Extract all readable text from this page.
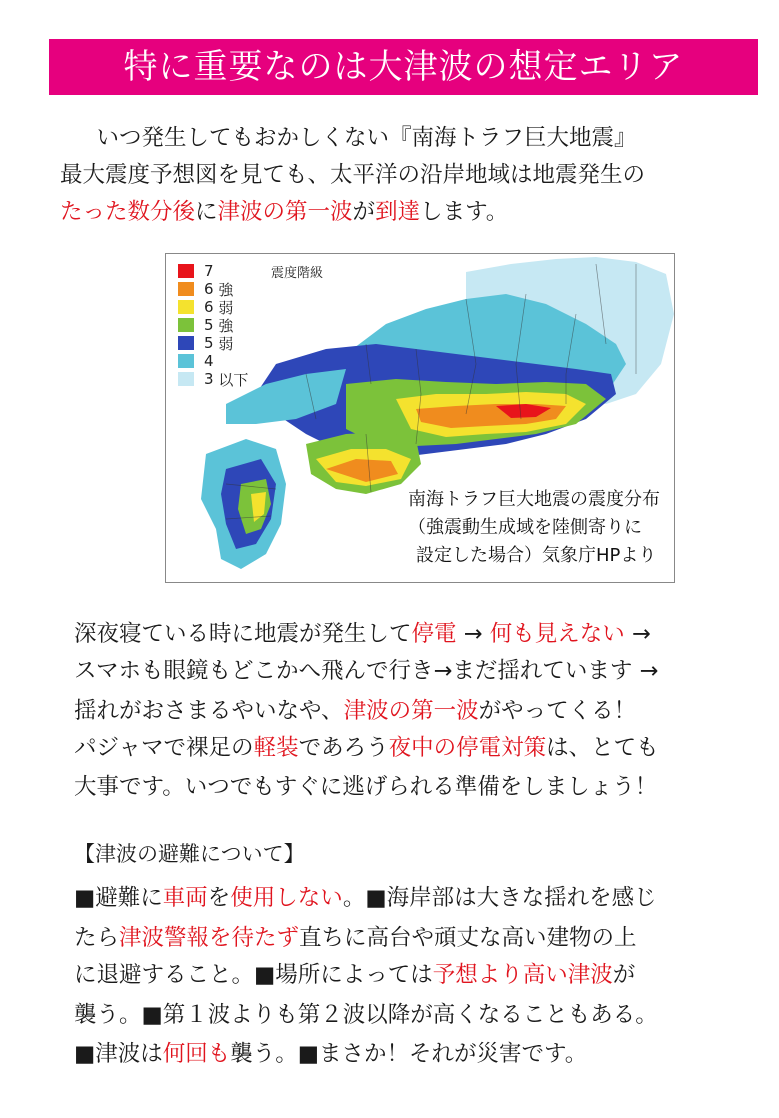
特に重要なのは大津波の想定エリア
　いつ発生してもおかしくない『南海トラフ巨大地震』
最大震度予想図を見ても、太平洋の沿岸地域は地震発生の
たった数分後に津波の第一波が到達します。
震度階級
7

6
強
6
弱
5
強
5
弱
4

3
以下
南海トラフ巨大地震の震度分布
（強震動生成域を陸側寄りに
設定した場合）気象庁HPより
深夜寝ている時に地震が発生して停電 → 何も見えない →
スマホも眼鏡もどこかへ飛んで行き→まだ揺れています →
揺れがおさまるやいなや、津波の第一波がやってくる！
パジャマで裸足の軽装であろう夜中の停電対策は、とても
大事です。いつでもすぐに逃げられる準備をしましょう！
【津波の避難について】
■避難に車両を使用しない。■海岸部は大きな揺れを感じ
たら津波警報を待たず直ちに高台や頑丈な高い建物の上
に退避すること。■場所によっては予想より高い津波が
襲う。■第１波よりも第２波以降が高くなることもある。
■津波は何回も襲う。■まさか！それが災害です。
